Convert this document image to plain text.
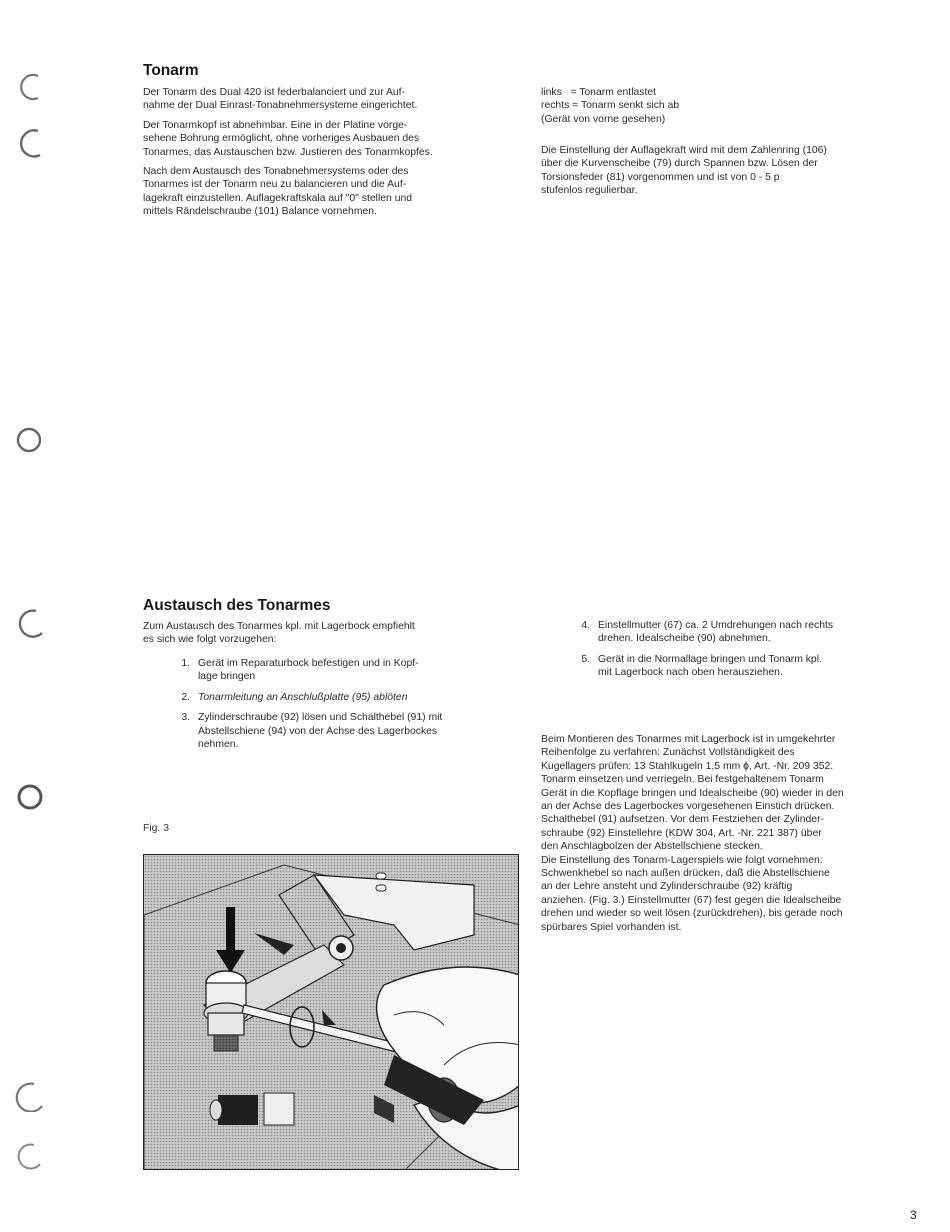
Tonarm

Der Tonarm des Dual 420 ist federbalanciert und zur Auf-
nahme der Dual Einrast-Tonabnehmersysteme eingerichtet.

Der Tonarmkopf ist abnehmbar. Eine in der Platine vorge-
sehene Bohrung ermöglicht, ohne vorheriges Ausbauen des
Tonarmes, das Austauschen bzw. Justieren des Tonarmkopfes.

Nach dem Austausch des Tonabnehmersystems oder des
Tonarmes ist der Tonarm neu zu balancieren und die Auf-
lagekraft einzustellen. Auflagekraftskala auf "0" stellen und
mittels Rändelschraube (101) Balance vornehmen.

links   = Tonarm entlastet
rechts = Tonarm senkt sich ab
(Gerät von vorne gesehen)

Die Einstellung der Auflagekraft wird mit dem Zahlenring (106)
über die Kurvenscheibe (79) durch Spannen bzw. Lösen der
Torsionsfeder (81) vorgenommen und ist von 0 - 5 p
stufenlos regulierbar.

Austausch des Tonarmes

Zum Austausch des Tonarmes kpl. mit Lagerbock empfiehlt
es sich wie folgt vorzugehen:

1. Gerät im Reparaturbock befestigen und in Kopf-
lage bringen
2. Tonarmleitung an Anschlußplatte (95) ablöten
3. Zylinderschraube (92) lösen und Schalthebel (91) mit
Abstellschiene (94) von der Achse des Lagerbockes
nehmen.
4. Einstellmutter (67) ca. 2 Umdrehungen nach rechts
drehen. Idealscheibe (90) abnehmen.
5. Gerät in die Normallage bringen und Tonarm kpl.
mit Lagerbock nach oben herausziehen.

Beim Montieren des Tonarmes mit Lagerbock ist in umgekehrter
Reihenfolge zu verfahren: Zunächst Vollständigkeit des
Kugellagers prüfen: 13 Stahlkugeln 1,5 mm ɸ, Art. -Nr. 209 352.
Tonarm einsetzen und verriegeln. Bei festgehaltenem Tonarm
Gerät in die Kopflage bringen und Idealscheibe (90) wieder in den
an der Achse des Lagerbockes vorgesehenen Einstich drücken.
Schalthebel (91) aufsetzen. Vor dem Festziehen der Zylinder-
schraube (92) Einstellehre (KDW 304, Art. -Nr. 221 387) über
den Anschlagbolzen der Abstellschiene stecken.
Die Einstellung des Tonarm-Lagerspiels wie folgt vornehmen:
Schwenkhebel so nach außen drücken, daß die Abstellschiene
an der Lehre ansteht und Zylinderschraube (92) kräftig
anziehen. (Fig. 3.) Einstellmutter (67) fest gegen die Idealscheibe
drehen und wieder so weit lösen (zurückdrehen), bis gerade noch
spürbares Spiel vorhanden ist.

Fig. 3
3
